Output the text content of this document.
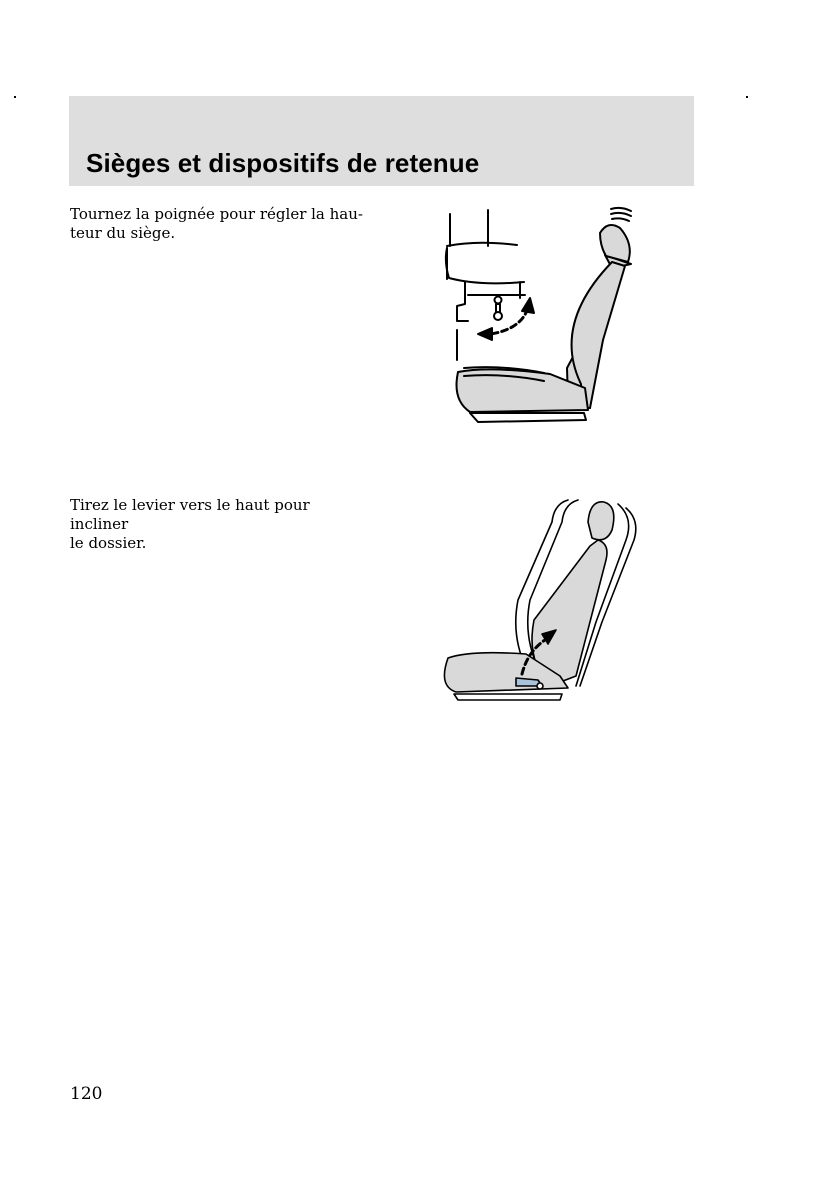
Sièges et dispositifs de retenue

Tournez la poignée pour régler la hau-
teur du siège.

Tirez le levier vers le haut pour incliner
le dossier.

120
